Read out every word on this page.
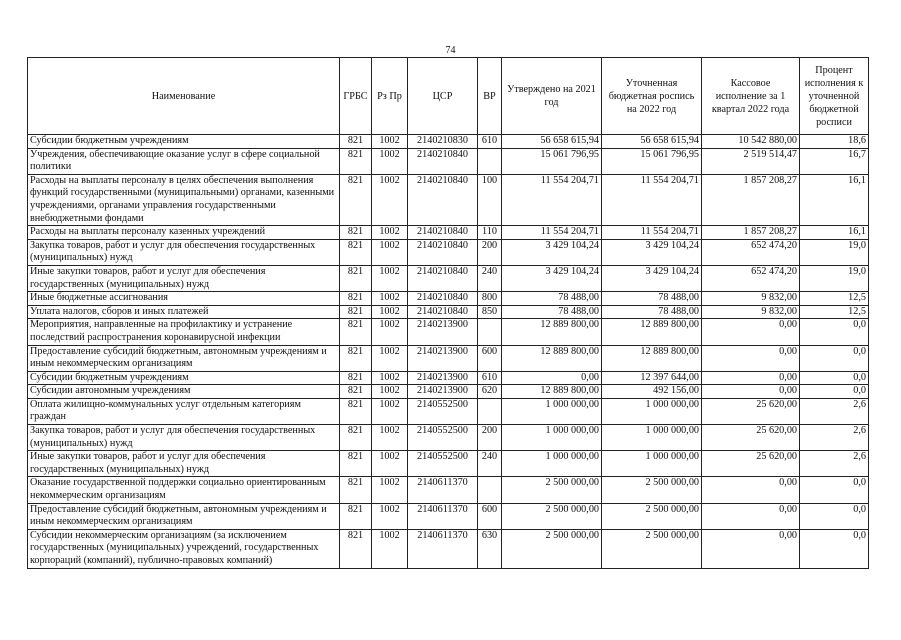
74
Наименование	ГРБС	Рз Пр	ЦСР	ВР	Утверждено на 2021 год	Уточненная бюджетная роспись на 2022 год	Кассовое исполнение за 1 квартал 2022 года	Процент исполнения к уточненной бюджетной росписи
Субсидии бюджетным учреждениям	821	1002	2140210830	610	56 658 615,94	56 658 615,94	10 542 880,00	18,6
Учреждения, обеспечивающие оказание услуг в сфере социальной политики	821	1002	2140210840		15 061 796,95	15 061 796,95	2 519 514,47	16,7
Расходы на выплаты персоналу в целях обеспечения выполнения функций государственными (муниципальными) органами, казенными учреждениями, органами управления государственными внебюджетными фондами	821	1002	2140210840	100	11 554 204,71	11 554 204,71	1 857 208,27	16,1
Расходы на выплаты персоналу казенных учреждений	821	1002	2140210840	110	11 554 204,71	11 554 204,71	1 857 208,27	16,1
Закупка товаров, работ и услуг для обеспечения государственных (муниципальных) нужд	821	1002	2140210840	200	3 429 104,24	3 429 104,24	652 474,20	19,0
Иные закупки товаров, работ и услуг для обеспечения государственных (муниципальных) нужд	821	1002	2140210840	240	3 429 104,24	3 429 104,24	652 474,20	19,0
Иные бюджетные ассигнования	821	1002	2140210840	800	78 488,00	78 488,00	9 832,00	12,5
Уплата налогов, сборов и иных платежей	821	1002	2140210840	850	78 488,00	78 488,00	9 832,00	12,5
Мероприятия, направленные на профилактику и устранение последствий распространения коронавирусной инфекции	821	1002	2140213900		12 889 800,00	12 889 800,00	0,00	0,0
Предоставление субсидий бюджетным, автономным учреждениям и иным некоммерческим организациям	821	1002	2140213900	600	12 889 800,00	12 889 800,00	0,00	0,0
Субсидии бюджетным учреждениям	821	1002	2140213900	610	0,00	12 397 644,00	0,00	0,0
Субсидии автономным учреждениям	821	1002	2140213900	620	12 889 800,00	492 156,00	0,00	0,0
Оплата жилищно-коммунальных услуг отдельным категориям граждан	821	1002	2140552500		1 000 000,00	1 000 000,00	25 620,00	2,6
Закупка товаров, работ и услуг для обеспечения государственных (муниципальных) нужд	821	1002	2140552500	200	1 000 000,00	1 000 000,00	25 620,00	2,6
Иные закупки товаров, работ и услуг для обеспечения государственных (муниципальных) нужд	821	1002	2140552500	240	1 000 000,00	1 000 000,00	25 620,00	2,6
Оказание государственной поддержки социально ориентированным некоммерческим организациям	821	1002	2140611370		2 500 000,00	2 500 000,00	0,00	0,0
Предоставление субсидий бюджетным, автономным учреждениям и иным некоммерческим организациям	821	1002	2140611370	600	2 500 000,00	2 500 000,00	0,00	0,0
Субсидии некоммерческим организациям (за исключением государственных (муниципальных) учреждений, государственных корпораций (компаний), публично-правовых компаний)	821	1002	2140611370	630	2 500 000,00	2 500 000,00	0,00	0,0
